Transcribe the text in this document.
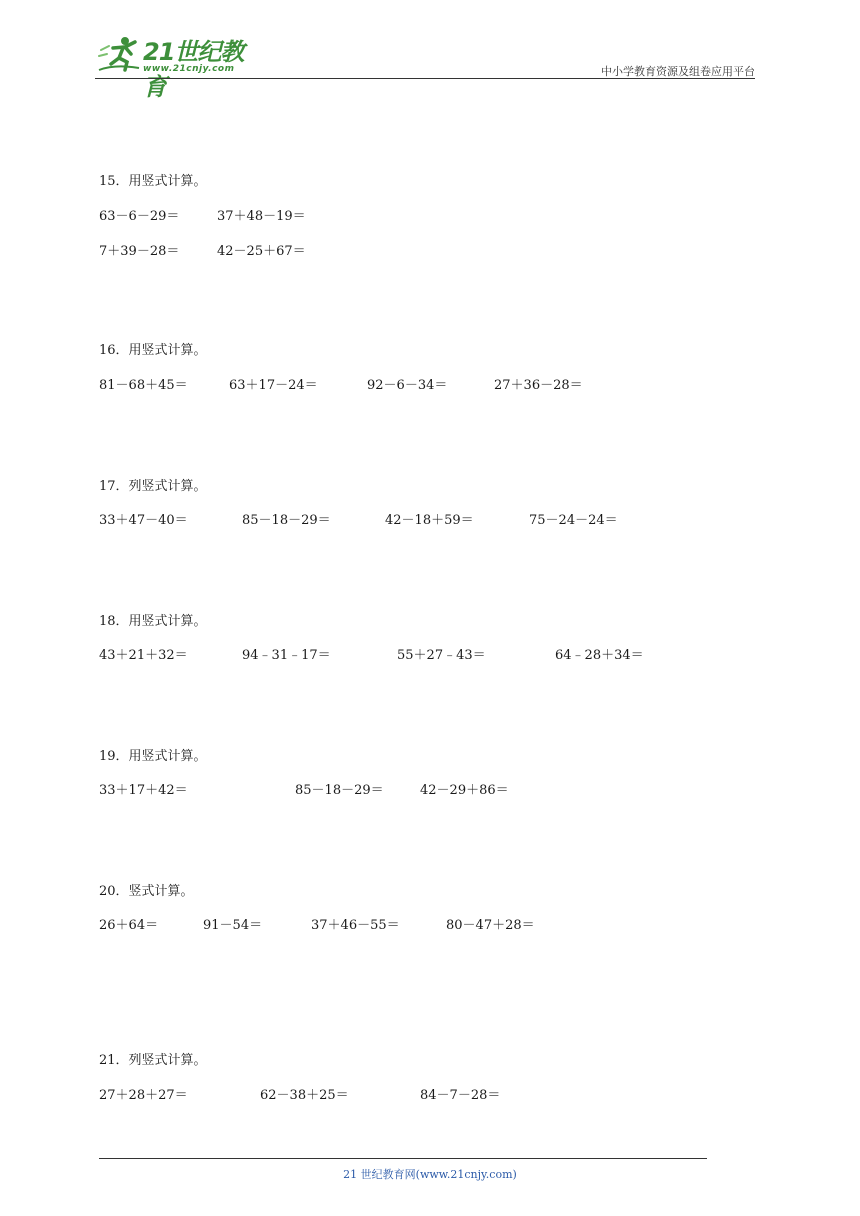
21世纪教育
www.21cnjy.com	中小学教育资源及组卷应用平台
15．用竖式计算。
63－6－29＝	37＋48－19＝
7＋39－28＝	42－25＋67＝
16．用竖式计算。
81－68＋45＝	63＋17－24＝	92－6－34＝	27＋36－28＝
17．列竖式计算。
33＋47－40＝	85－18－29＝	42－18＋59＝	75－24－24＝
18．用竖式计算。
43＋21＋32＝	94﹣31﹣17＝	55＋27﹣43＝	64﹣28＋34＝
19．用竖式计算。
33＋17＋42＝	85－18－29＝	42－29＋86＝
20．竖式计算。
26＋64＝	91－54＝	37＋46－55＝	80－47＋28＝
21．列竖式计算。
27＋28＋27＝	62－38＋25＝	84－7－28＝
21 世纪教育网(www.21cnjy.com)
